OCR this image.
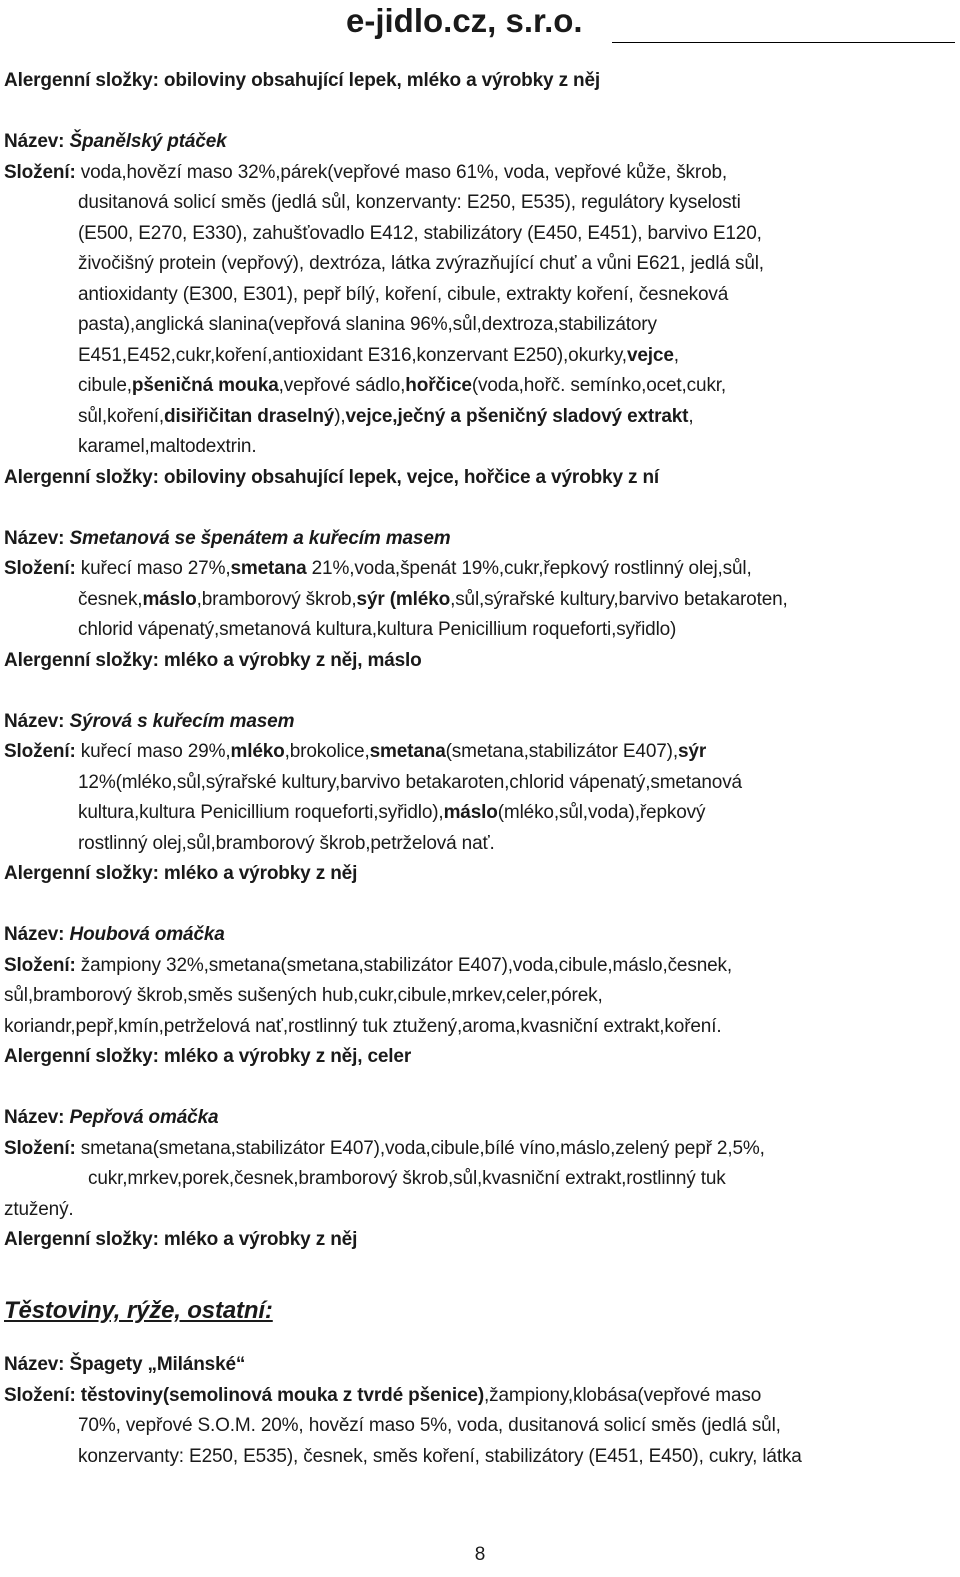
e-jidlo.cz, s.r.o.
Alergenní složky: obiloviny obsahující lepek, mléko a výrobky z něj
Název: Španělský ptáček
Složení: voda,hovězí maso 32%,párek(vepřové maso 61%, voda, vepřové kůže, škrob,
dusitanová solicí směs (jedlá sůl, konzervanty: E250, E535), regulátory kyselosti
(E500, E270, E330), zahušťovadlo E412, stabilizátory (E450, E451), barvivo E120,
živočišný protein (vepřový), dextróza, látka zvýrazňující chuť a vůni E621, jedlá sůl,
antioxidanty (E300, E301), pepř bílý, koření, cibule, extrakty koření, česneková
pasta),anglická slanina(vepřová slanina 96%,sůl,dextroza,stabilizátory
E451,E452,cukr,koření,antioxidant E316,konzervant E250),okurky,vejce,
cibule,pšeničná mouka,vepřové sádlo,hořčice(voda,hořč. semínko,ocet,cukr,
sůl,koření,disiřičitan draselný),vejce,ječný a pšeničný sladový extrakt,
karamel,maltodextrin.
Alergenní složky: obiloviny obsahující lepek, vejce, hořčice a výrobky z ní
Název: Smetanová se špenátem a kuřecím masem
Složení: kuřecí maso 27%,smetana 21%,voda,špenát 19%,cukr,řepkový rostlinný olej,sůl,
česnek,máslo,bramborový škrob,sýr (mléko,sůl,sýrařské kultury,barvivo betakaroten,
chlorid vápenatý,smetanová kultura,kultura Penicillium roqueforti,syřidlo)
Alergenní složky: mléko a výrobky z něj, máslo
Název: Sýrová s kuřecím masem
Složení: kuřecí maso 29%,mléko,brokolice,smetana(smetana,stabilizátor E407),sýr
12%(mléko,sůl,sýrařské kultury,barvivo betakaroten,chlorid vápenatý,smetanová
kultura,kultura Penicillium roqueforti,syřidlo),máslo(mléko,sůl,voda),řepkový
rostlinný olej,sůl,bramborový škrob,petrželová nať.
Alergenní složky: mléko a výrobky z něj
Název: Houbová omáčka
Složení: žampiony 32%,smetana(smetana,stabilizátor E407),voda,cibule,máslo,česnek,
sůl,bramborový škrob,směs sušených hub,cukr,cibule,mrkev,celer,pórek,
koriandr,pepř,kmín,petrželová nať,rostlinný tuk ztužený,aroma,kvasniční extrakt,koření.
Alergenní složky: mléko a výrobky z něj, celer
Název: Pepřová omáčka
Složení: smetana(smetana,stabilizátor E407),voda,cibule,bílé víno,máslo,zelený pepř 2,5%,
cukr,mrkev,porek,česnek,bramborový škrob,sůl,kvasniční extrakt,rostlinný tuk
ztužený.
Alergenní složky: mléko a výrobky z něj
Těstoviny, rýže, ostatní:
Název: Špagety „Milánské“
Složení: těstoviny(semolinová mouka z tvrdé pšenice),žampiony,klobása(vepřové maso
70%, vepřové S.O.M. 20%, hovězí maso 5%, voda, dusitanová solicí směs (jedlá sůl,
konzervanty: E250, E535), česnek, směs koření, stabilizátory (E451, E450), cukry, látka
8
